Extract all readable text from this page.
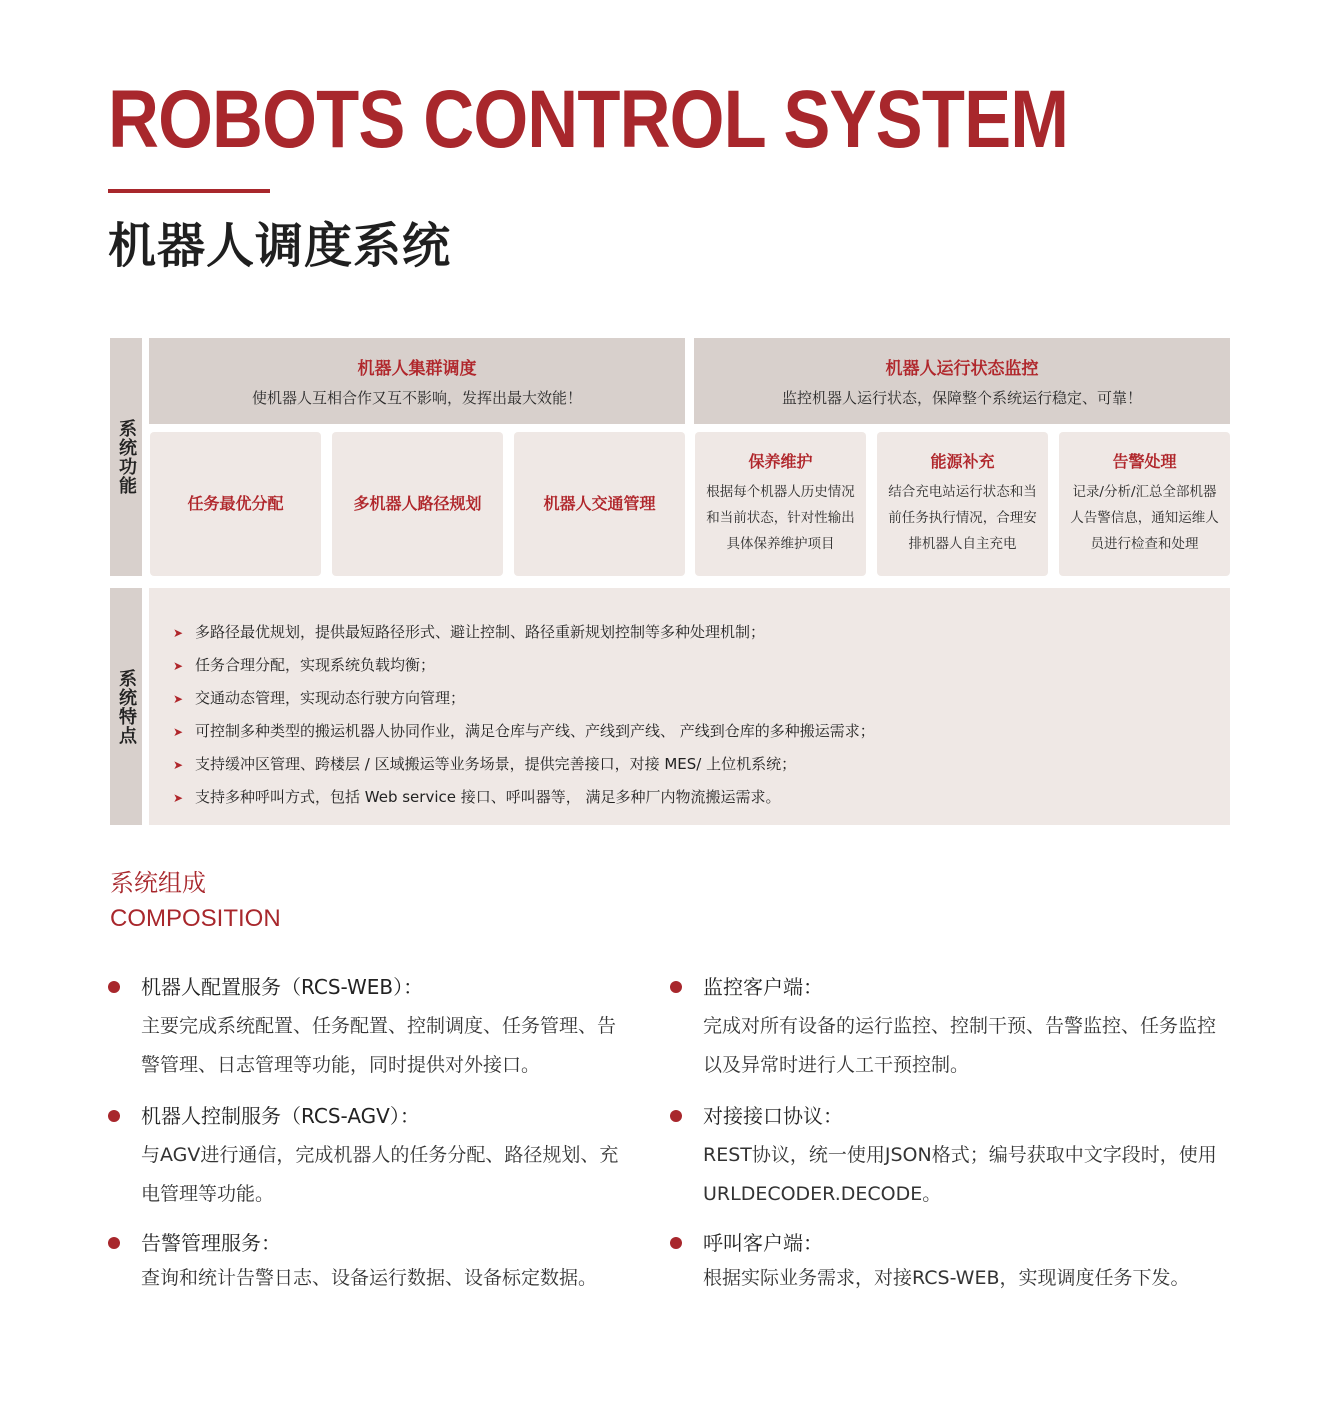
ROBOTS CONTROL SYSTEM
机器人调度系统
系统功能
机器人集群调度
使机器人互相合作又互不影响，发挥出最大效能！
机器人运行状态监控
监控机器人运行状态，保障整个系统运行稳定、可靠！
任务最优分配	多机器人路径规划	机器人交通管理
保养维护
根据每个机器人历史情况和当前状态，针对性输出具体保养维护项目
能源补充
结合充电站运行状态和当前任务执行情况，合理安排机器人自主充电
告警处理
记录/分析/汇总全部机器人告警信息，通知运维人员进行检查和处理
系统特点
➤ 多路径最优规划，提供最短路径形式、避让控制、路径重新规划控制等多种处理机制；
➤ 任务合理分配，实现系统负载均衡；
➤ 交通动态管理，实现动态行驶方向管理；
➤ 可控制多种类型的搬运机器人协同作业，满足仓库与产线、产线到产线、 产线到仓库的多种搬运需求；
➤ 支持缓冲区管理、跨楼层 / 区域搬运等业务场景，提供完善接口，对接 MES/ 上位机系统；
➤ 支持多种呼叫方式，包括 Web service 接口、呼叫器等， 满足多种厂内物流搬运需求。
系统组成
COMPOSITION
机器人配置服务（RCS-WEB）：
主要完成系统配置、任务配置、控制调度、任务管理、告警管理、日志管理等功能，同时提供对外接口。
机器人控制服务（RCS-AGV）：
与AGV进行通信，完成机器人的任务分配、路径规划、充电管理等功能。
告警管理服务：
查询和统计告警日志、设备运行数据、设备标定数据。
监控客户端：
完成对所有设备的运行监控、控制干预、告警监控、任务监控以及异常时进行人工干预控制。
对接接口协议：
REST协议，统一使用JSON格式；编号获取中文字段时，使用URLDECODER.DECODE。
呼叫客户端：
根据实际业务需求，对接RCS-WEB，实现调度任务下发。
